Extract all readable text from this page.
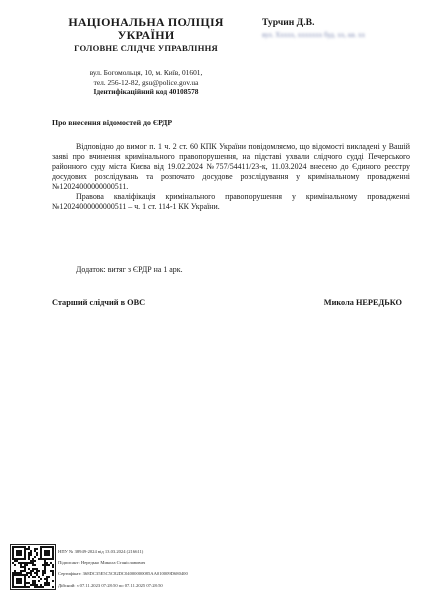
НАЦІОНАЛЬНА ПОЛІЦІЯ
УКРАЇНИ
ГОЛОВНЕ СЛІДЧЕ УПРАВЛІННЯ
вул. Богомольця, 10, м. Київ, 01601,
тел. 256-12-82, gsu@police.gov.ua
Ідентифікаційний код 40108578
Турчин Д.В.
вул. Ххххх, ххххххх буд. хх, кв. хх
Про внесення відомостей до ЄРДР

Відповідно до вимог п. 1 ч. 2 ст. 60 КПК України повідомляємо, що відомості викладені у Вашій заяві про вчинення кримінального правопорушення, на підставі ухвали слідчого судді Печерського районного суду міста Києва від 19.02.2024 №757/54411/23-к, 11.03.2024 внесено до Єдиного реєстру досудових розслідувань та розпочато досудове розслідування у кримінальному провадженні №12024000000000511.

Правова кваліфікація кримінального правопорушення у кримінальному провадженні №12024000000000511 – ч. 1 ст. 114-1 КК України.

Додаток: витяг з ЄРДР на 1 арк.
Старший слідчий в ОВС	Микола НЕРЕДЬКО
НПУ № 38949-2024 від 13.03.2024 (216611)
Підписант: Нередько Микола Станіславович
Сертифікат: 368DC35E5C5C82DC04000000085AA010009D680400
Дійсний: з 07.11.2023 07:28:50 по 07.11.2025 07:28:50
